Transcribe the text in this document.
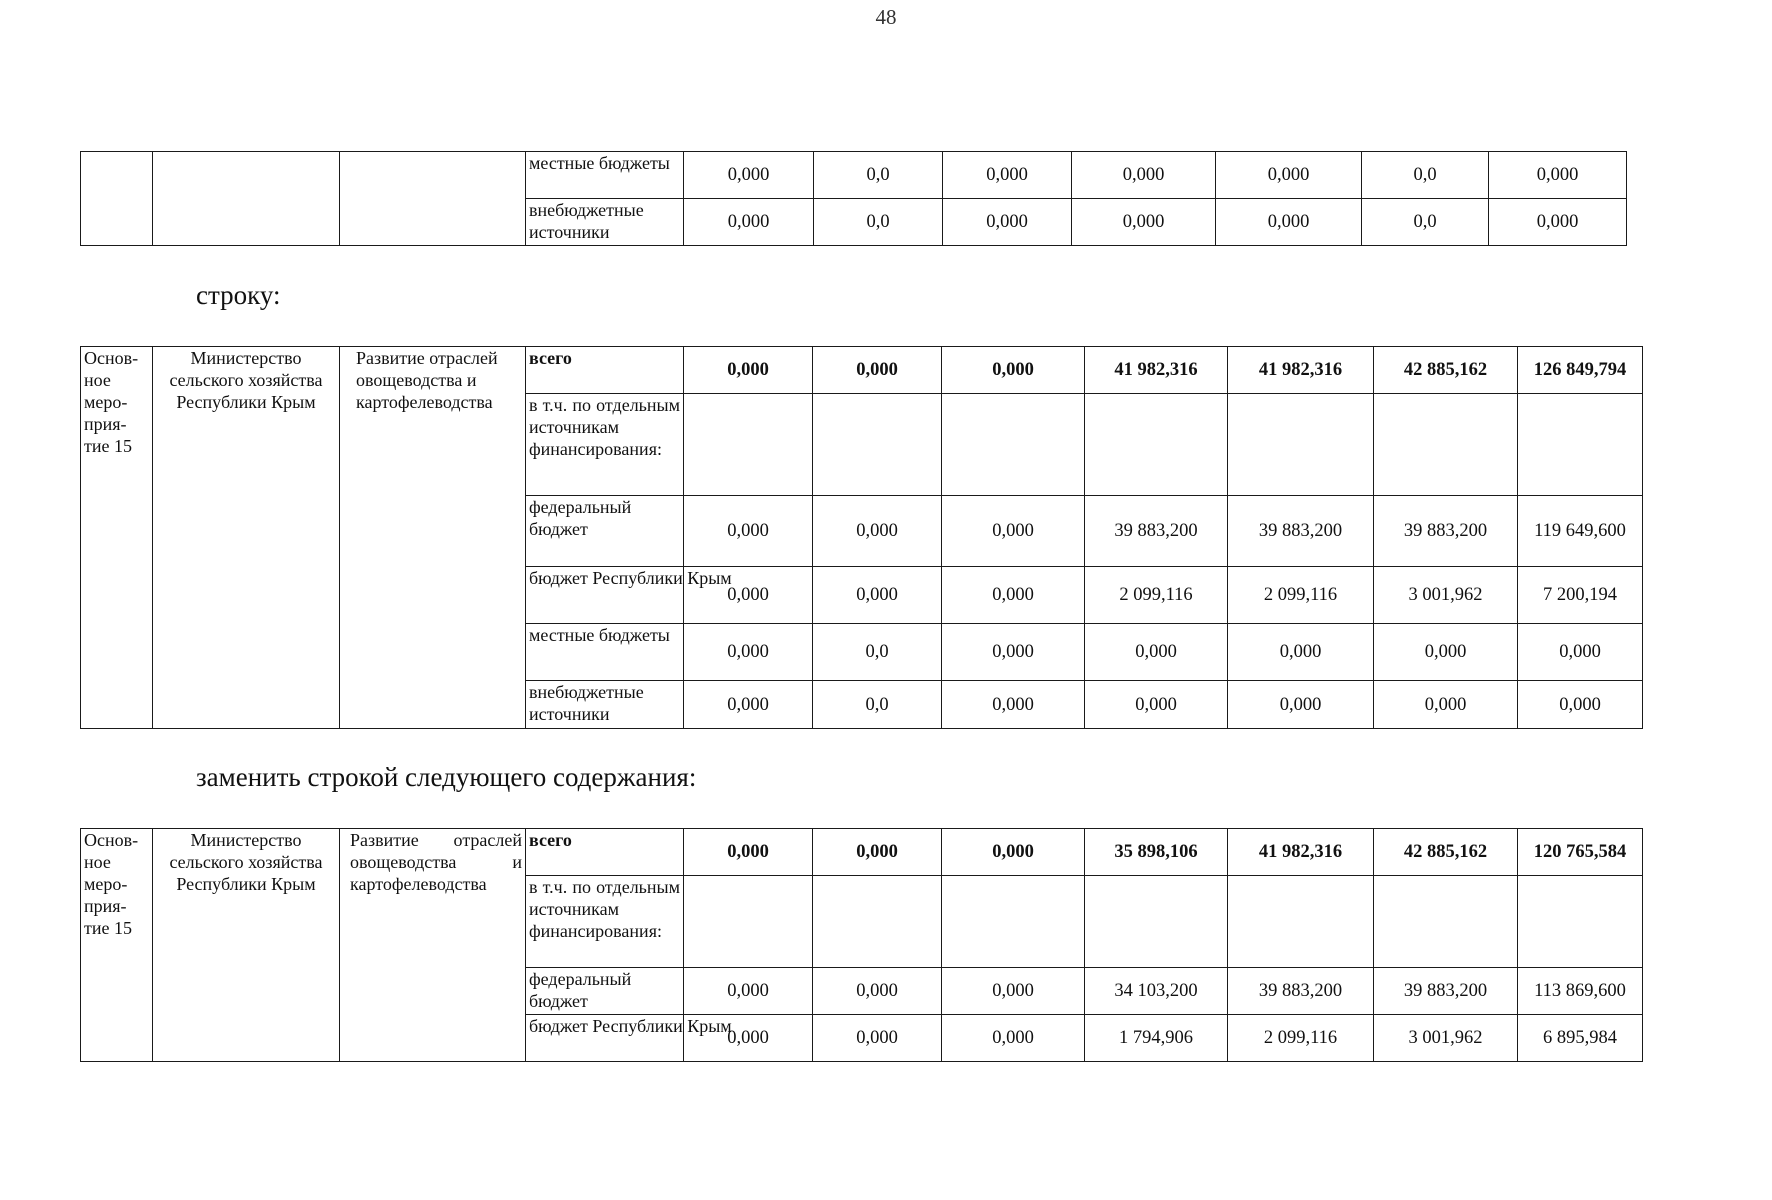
48
			местные бюджеты	0,000	0,0	0,000	0,000	0,000	0,0	0,000
			внебюджетные источники	0,000	0,0	0,000	0,000	0,000	0,0	0,000
строку:
Основ-ное меро-прия-тие 15	Министерство сельского хозяйства Республики Крым	Развитие отраслей овощеводства и картофелеводства	всего	0,000	0,000	0,000	41 982,316	41 982,316	42 885,162	126 849,794
			в т.ч. по отдельным источникам финансирования:							
			федеральный бюджет	0,000	0,000	0,000	39 883,200	39 883,200	39 883,200	119 649,600
			бюджет Республики Крым	0,000	0,000	0,000	2 099,116	2 099,116	3 001,962	7 200,194
			местные бюджеты	0,000	0,0	0,000	0,000	0,000	0,000	0,000
			внебюджетные источники	0,000	0,0	0,000	0,000	0,000	0,000	0,000
заменить строкой следующего содержания:
Основ-ное меро-прия-тие 15	Министерство сельского хозяйства Республики Крым	Развитие отраслей овощеводства и картофелеводства	всего	0,000	0,000	0,000	35 898,106	41 982,316	42 885,162	120 765,584
			в т.ч. по отдельным источникам финансирования:							
			федеральный бюджет	0,000	0,000	0,000	34 103,200	39 883,200	39 883,200	113 869,600
			бюджет Республики Крым	0,000	0,000	0,000	1 794,906	2 099,116	3 001,962	6 895,984
